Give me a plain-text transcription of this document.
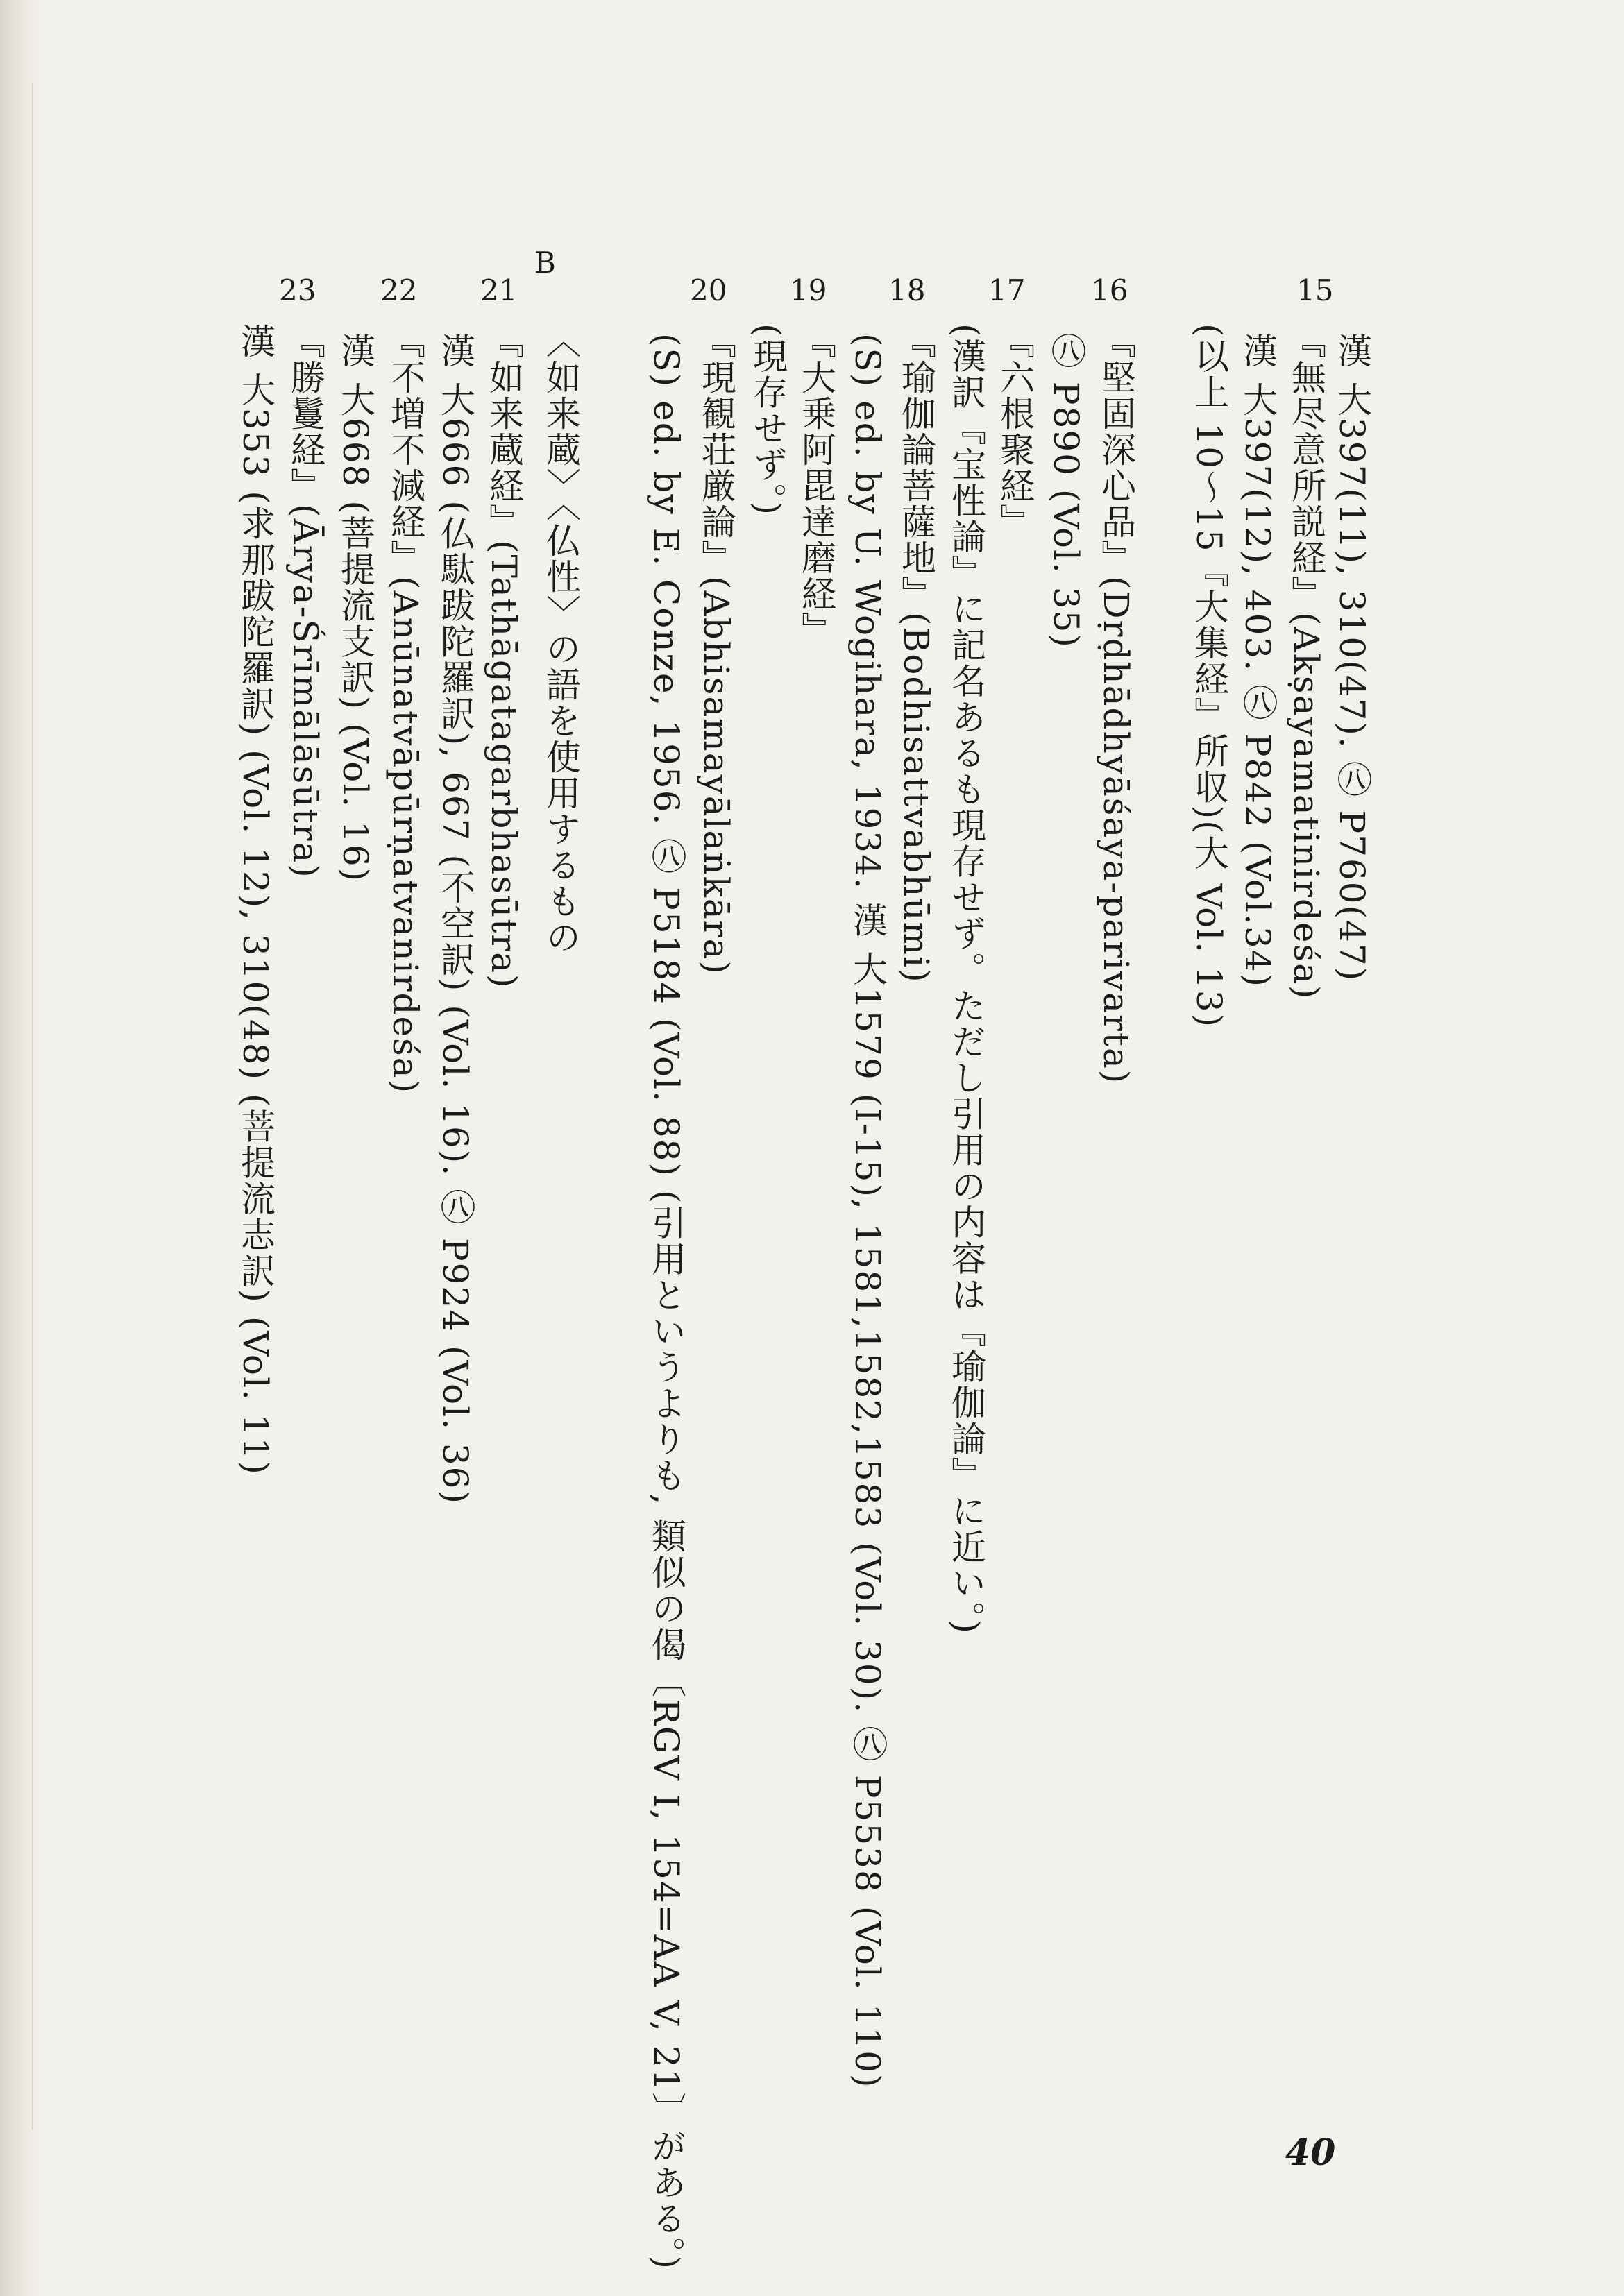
15
漢 大397(11), 310(47). ㊇ P760(47)
『無尽意所説経』(Akṣayamatinirdeśa)
漢 大397(12), 403. ㊇ P842 (Vol.34)
(以上 10～15『大集経』所収)(大 Vol. 13)
16
『堅固深心品』(Dṛḍhādhyāśaya-parivarta)
㊇ P890 (Vol. 35)
17
『六根聚経』
(漢訳『宝性論』に記名あるも現存せず。ただし引用の内容は『瑜伽論』に近い。)
18
『瑜伽論菩薩地』(Bodhisattvabhūmi)
(S) ed. by U. Wogihara, 1934. 漢 大1579 (I-15), 1581,1582,1583 (Vol. 30). ㊇ P5538 (Vol. 110)
19
『大乗阿毘達磨経』
(現存せず。)
20
『現観荘厳論』(Abhisamayālaṅkāra)
(S) ed. by E. Conze, 1956. ㊇ P5184 (Vol. 88) (引用というよりも, 類似の偈〔RGV I, 154=AA V, 21〕がある。)
B
〈如来蔵〉〈仏性〉の語を使用するもの
21
『如来蔵経』(Tathāgatagarbhasūtra)
漢 大666 (仏駄跋陀羅訳), 667 (不空訳) (Vol. 16). ㊇ P924 (Vol. 36)
22
『不増不減経』(Anūnatvāpūrṇatvanirdeśa)
漢 大668 (菩提流支訳) (Vol. 16)
23
『勝鬘経』(Ārya-Śrīmālāsūtra)
漢 大353 (求那跋陀羅訳) (Vol. 12), 310(48) (菩提流志訳) (Vol. 11)
40
